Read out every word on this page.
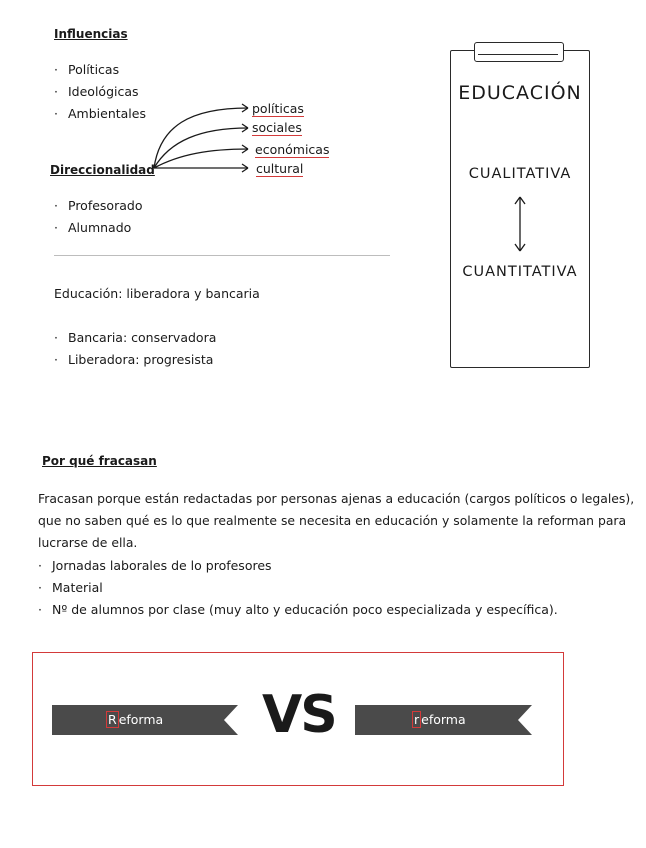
Influencias
· Políticas
· Ideológicas
· Ambientales	políticas
sociales
económicas
cultural
Direccionalidad
· Profesorado
· Alumnado
Educación: liberadora y bancaria
· Bancaria: conservadora
· Liberadora: progresista
EDUCACIÓN
CUALITATIVA
CUANTITATIVA
Por qué fracasan
Fracasan porque están redactadas por personas ajenas a educación (cargos políticos o legales),
que no saben qué es lo que realmente se necesita en educación y solamente la reforman para
lucrarse de ella.
· Jornadas laborales de lo profesores
· Material
· Nº de alumnos por clase (muy alto y educación poco especializada y específica).
R eforma VS	r eforma
